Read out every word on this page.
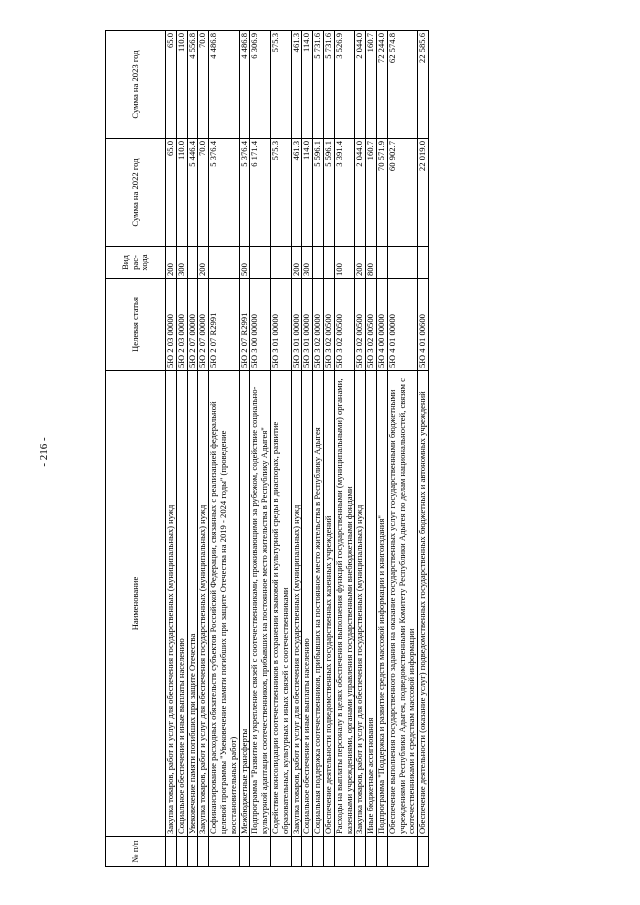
- 216 -
№ п/п	Наименование	Целевая статья	Вид рас- хода	Сумма на 2022 год	Сумма на 2023 год
	Закупка товаров, работ и услуг для обеспечения государственных (муниципальных) нужд	5Ю 2 03 00000	200	65.0	65.0
	Социальное обеспечение и иные выплаты населению	5Ю 2 03 00000	300	110.0	110.0
	Увековечение памяти погибших при защите Отечества	5Ю 2 07 00000		5 446.4	4 556.8
	Закупка товаров, работ и услуг для обеспечения государственных (муниципальных) нужд	5Ю 2 07 00000	200	70.0	70.0
	Софинансирование расходных обязательств субъектов Российской Федерации, связанных с реализацией федеральной целевой программы "Увековечение памяти погибших при защите Отечества на 2019 - 2024 годы" (проведение восстановительных работ)	5Ю 2 07 R2991		5 376.4	4 486.8
	Межбюджетные трансферты	5Ю 2 07 R2991	500	5 376.4	4 486.8
	Подпрограмма "Развитие и укрепление связей с соотечественниками, проживающими за рубежом, содействие социально-культурной адаптации соотечественников, прибывших на постоянное место жительства в Республику Адыгея"	5Ю 3 00 00000		6 171.4	6 306.9
	Содействие консолидации соотечественников в сохранении языковой и культурной среды в диаспорах, развитие образовательных, культурных и иных связей с соотечественниками	5Ю 3 01 00000		575.3	575.3
	Закупка товаров, работ и услуг для обеспечения государственных (муниципальных) нужд	5Ю 3 01 00000	200	461.3	461.3
	Социальное обеспечение и иные выплаты населению	5Ю 3 01 00000	300	114.0	114.0
	Социальная поддержка соотечественников, прибывших на постоянное место жительства в Республику Адыгея	5Ю 3 02 00000		5 596.1	5 731.6
	Обеспечение деятельности подведомственных государственных казенных учреждений	5Ю 3 02 00500		5 596.1	5 731.6
	Расходы на выплаты персоналу в целях обеспечения выполнения функций государственными (муниципальными) органами, казенными учреждениями, органами управления государственными внебюджетными фондами	5Ю 3 02 00500	100	3 391.4	3 526.9
	Закупка товаров, работ и услуг для обеспечения государственных (муниципальных) нужд	5Ю 3 02 00500	200	2 044.0	2 044.0
	Иные бюджетные ассигнования	5Ю 3 02 00500	800	160.7	160.7
	Подпрограмма "Поддержка и развитие средств массовой информации и книгоиздания"	5Ю 4 00 00000		70 571.9	72 244.0
	Обеспечение выполнения государственного задания на оказание государственных услуг государственными бюджетными учреждениями Республики Адыгея, подведомственными Комитету Республики Адыгея по делам национальностей, связям с соотечественниками и средствам массовой информации	5Ю 4 01 00000		60 902.7	62 574.8
	Обеспечение деятельности (оказание услуг) подведомственных государственных бюджетных и автономных учреждений	5Ю 4 01 00600		22 019.0	22 585.6
